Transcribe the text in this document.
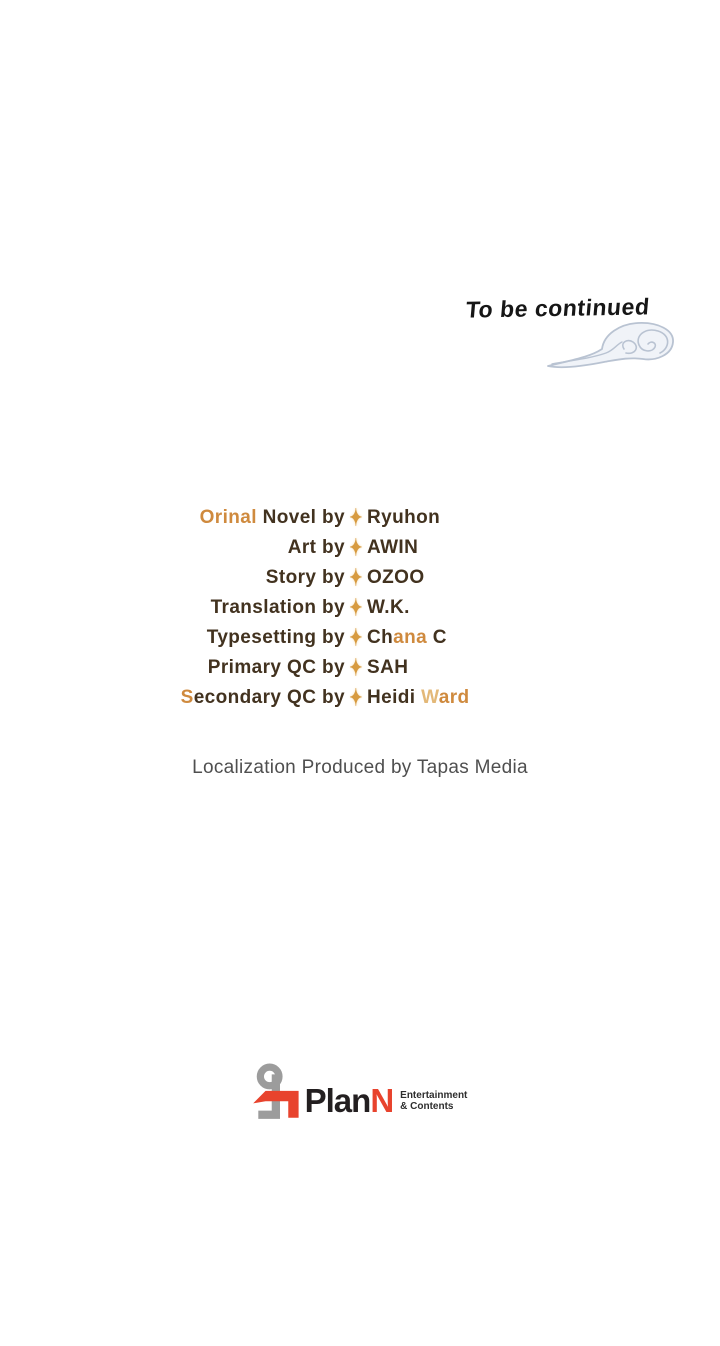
To be continued
Orinal Novel by ✦ Ryuhon
Art by ✦ AWIN
Story by ✦ OZOO
Translation by ✦ W.K.
Typesetting by ✦ Chana C
Primary QC by ✦ SAH
Secondary QC by ✦ Heidi Ward
Localization Produced by Tapas Media
PlanN Entertainment
& Contents
